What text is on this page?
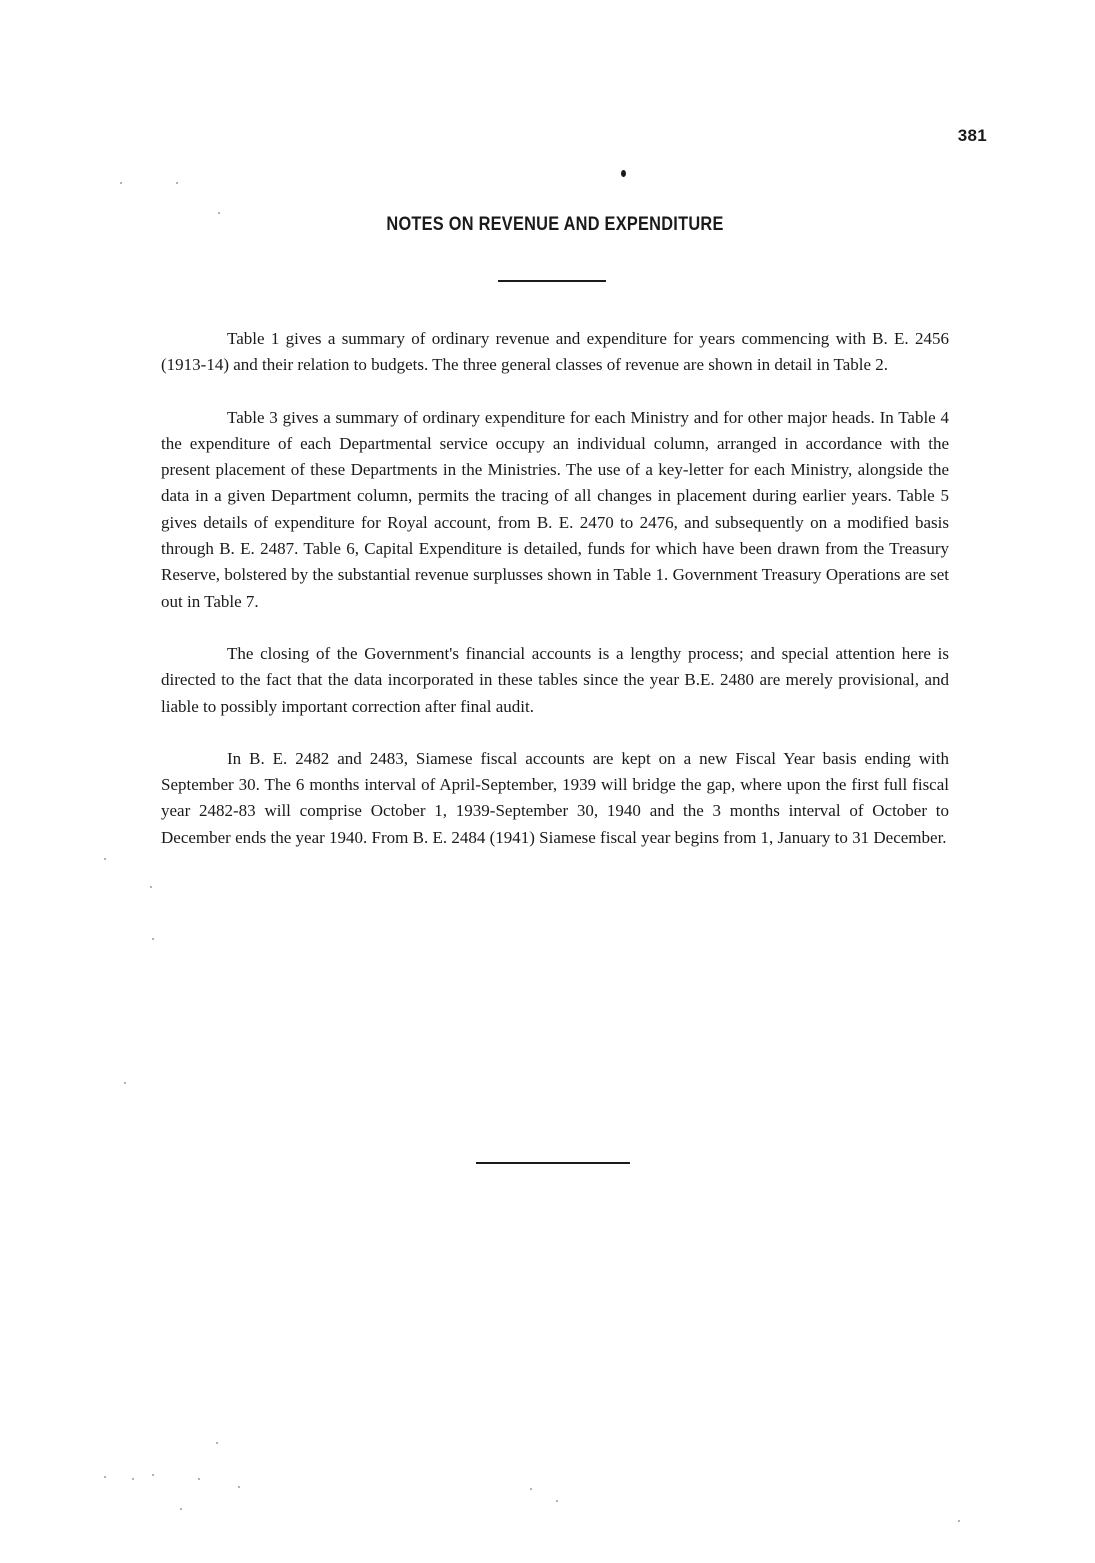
381
NOTES ON REVENUE AND EXPENDITURE

Table 1 gives a summary of ordinary revenue and expenditure for years commencing with B. E. 2456 (1913-14) and their relation to budgets. The three general classes of revenue are shown in detail in Table 2.

Table 3 gives a summary of ordinary expenditure for each Ministry and for other major heads. In Table 4 the expenditure of each Departmental service occupy an individual column, arranged in accordance with the present placement of these Departments in the Ministries. The use of a key-letter for each Ministry, alongside the data in a given Department column, permits the tracing of all changes in placement during earlier years. Table 5 gives details of expenditure for Royal account, from B. E. 2470 to 2476, and subsequently on a modified basis through B. E. 2487. Table 6, Capital Expenditure is detailed, funds for which have been drawn from the Treasury Reserve, bolstered by the substantial revenue surplusses shown in Table 1. Government Treasury Operations are set out in Table 7.

The closing of the Government's financial accounts is a lengthy process; and special attention here is directed to the fact that the data incorporated in these tables since the year B.E. 2480 are merely provisional, and liable to possibly important correction after final audit.

In B. E. 2482 and 2483, Siamese fiscal accounts are kept on a new Fiscal Year basis ending with September 30. The 6 months interval of April-September, 1939 will bridge the gap, where upon the first full fiscal year 2482-83 will comprise October 1, 1939-September 30, 1940 and the 3 months interval of October to December ends the year 1940. From B. E. 2484 (1941) Siamese fiscal year begins from 1, January to 31 December.
